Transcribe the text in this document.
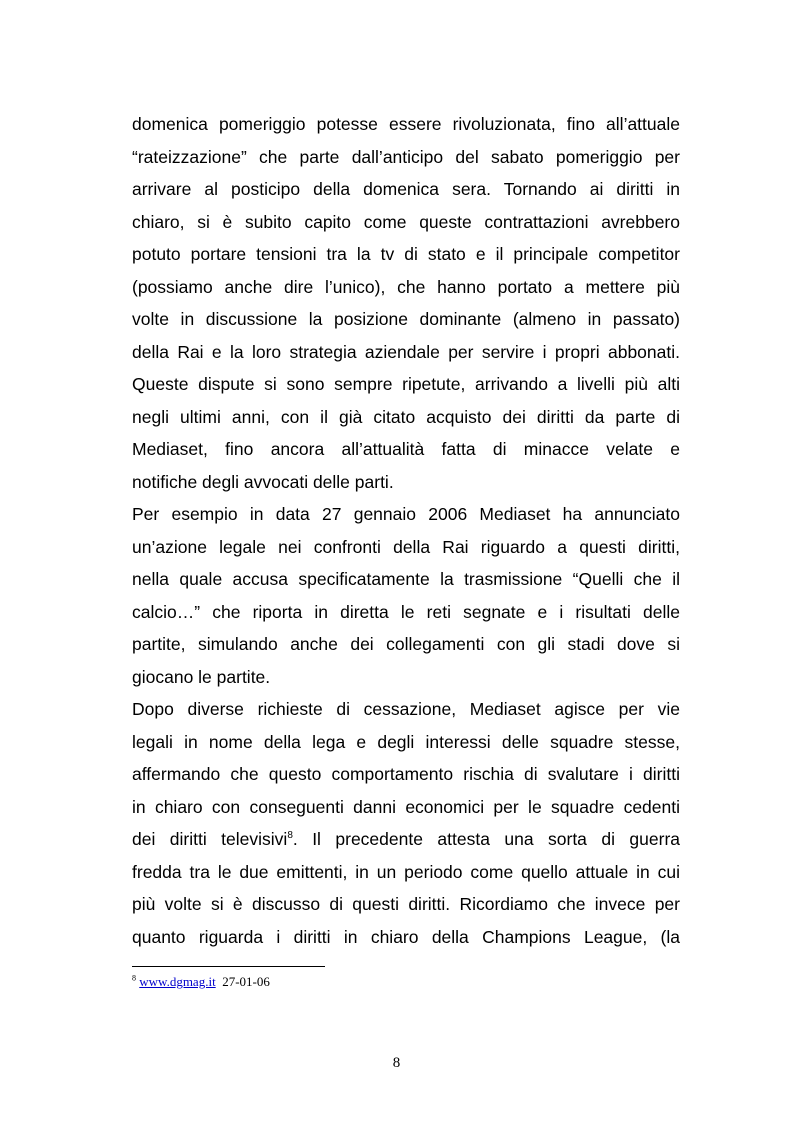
domenica pomeriggio potesse essere rivoluzionata, fino all’attuale
“rateizzazione” che parte dall’anticipo del sabato pomeriggio per
arrivare al posticipo della domenica sera. Tornando ai diritti in
chiaro, si è subito capito come queste contrattazioni avrebbero
potuto portare tensioni tra la tv di stato e il principale competitor
(possiamo anche dire l’unico), che hanno portato a mettere più
volte in discussione la posizione dominante (almeno in passato)
della Rai e la loro strategia aziendale per servire i propri abbonati.
Queste dispute si sono sempre ripetute, arrivando a livelli più alti
negli ultimi anni, con il già citato acquisto dei diritti da parte di
Mediaset, fino ancora all’attualità fatta di minacce velate e
notifiche degli avvocati delle parti.
Per esempio in data 27 gennaio 2006 Mediaset ha annunciato
un’azione legale nei confronti della Rai riguardo a questi diritti,
nella quale accusa specificatamente la trasmissione “Quelli che il
calcio…” che riporta in diretta le reti segnate e i risultati delle
partite, simulando anche dei collegamenti con gli stadi dove si
giocano le partite.
Dopo diverse richieste di cessazione, Mediaset agisce per vie
legali in nome della lega e degli interessi delle squadre stesse,
affermando che questo comportamento rischia di svalutare i diritti
in chiaro con conseguenti danni economici per le squadre cedenti
dei diritti televisivi$^8$. Il precedente attesta una sorta di guerra
fredda tra le due emittenti, in un periodo come quello attuale in cui
più volte si è discusso di questi diritti. Ricordiamo che invece per
quanto riguarda i diritti in chiaro della Champions League, (la
$^8$ www.dgmag.it 27-01-06
8
